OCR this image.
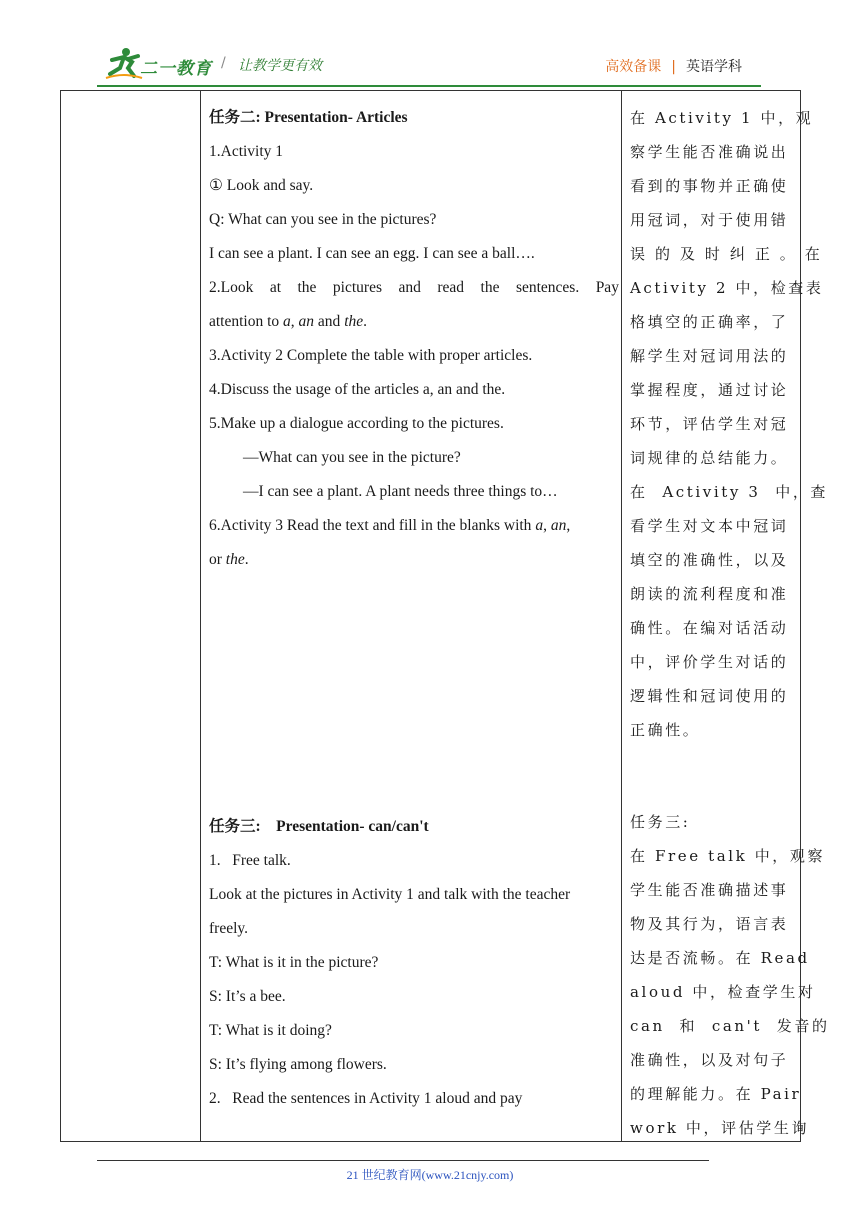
二一教育 / 让教学更有效	高效备课 | 英语学科
任务二: Presentation- Articles
1.Activity 1
① Look and say.
Q: What can you see in the pictures?
I can see a plant. I can see an egg. I can see a ball….
2.Look at the pictures and read the sentences. Pay
attention to a, an and the.
3.Activity 2 Complete the table with proper articles.
4.Discuss the usage of the articles a, an and the.
5.Make up a dialogue according to the pictures.
—What can you see in the picture?
—I can see a plant. A plant needs three things to…
6.Activity 3 Read the text and fill in the blanks with a, an,
or the.
任务三:　Presentation- can/can't
1.   Free talk.
Look at the pictures in Activity 1 and talk with the teacher
freely.
T: What is it in the picture?
S: It’s a bee.
T: What is it doing?
S: It’s flying among flowers.
2.   Read the sentences in Activity 1 aloud and pay
在 Activity 1 中，观
察学生能否准确说出
看到的事物并正确使
用冠词，对于使用错
误 的 及 时 纠 正 。 在
Activity 2 中，检查表
格填空的正确率，了
解学生对冠词用法的
掌握程度，通过讨论
环节，评估学生对冠
词规律的总结能力。
在  Activity 3  中，查
看学生对文本中冠词
填空的准确性，以及
朗读的流利程度和准
确性。在编对话活动
中，评价学生对话的
逻辑性和冠词使用的
正确性。
任务三:
在 Free talk 中，观察
学生能否准确描述事
物及其行为，语言表
达是否流畅。在 Read
aloud 中，检查学生对
can  和  can't  发音的
准确性，以及对句子
的理解能力。在 Pair
work 中，评估学生询
21 世纪教育网(www.21cnjy.com)
